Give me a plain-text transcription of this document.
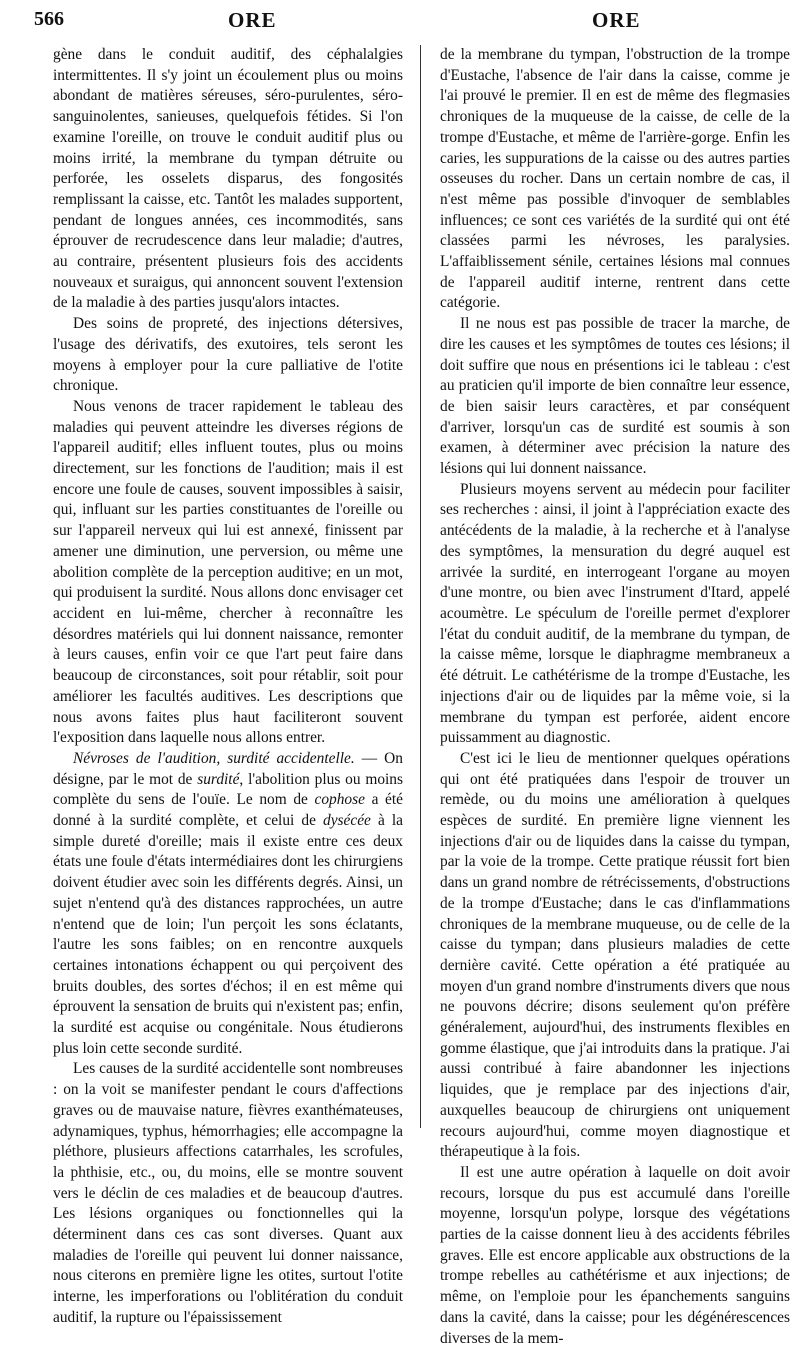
566	ORE	ORE

gène dans le conduit auditif, des céphalalgies intermittentes. Il s'y joint un écoulement plus ou moins abondant de matières séreuses, séro-purulentes, séro-sanguinolentes, sanieuses, quelquefois fétides. Si l'on examine l'oreille, on trouve le conduit auditif plus ou moins irrité, la membrane du tympan détruite ou perforée, les osselets disparus, des fongosités remplissant la caisse, etc. Tantôt les malades supportent, pendant de longues années, ces incommodités, sans éprouver de recrudescence dans leur maladie; d'autres, au contraire, présentent plusieurs fois des accidents nouveaux et suraigus, qui annoncent souvent l'extension de la maladie à des parties jusqu'alors intactes.

Des soins de propreté, des injections détersives, l'usage des dérivatifs, des exutoires, tels seront les moyens à employer pour la cure palliative de l'otite chronique.

Nous venons de tracer rapidement le tableau des maladies qui peuvent atteindre les diverses régions de l'appareil auditif; elles influent toutes, plus ou moins directement, sur les fonctions de l'audition; mais il est encore une foule de causes, souvent impossibles à saisir, qui, influant sur les parties constituantes de l'oreille ou sur l'appareil nerveux qui lui est annexé, finissent par amener une diminution, une perversion, ou même une abolition complète de la perception auditive; en un mot, qui produisent la surdité. Nous allons donc envisager cet accident en lui-même, chercher à reconnaître les désordres matériels qui lui donnent naissance, remonter à leurs causes, enfin voir ce que l'art peut faire dans beaucoup de circonstances, soit pour rétablir, soit pour améliorer les facultés auditives. Les descriptions que nous avons faites plus haut faciliteront souvent l'exposition dans laquelle nous allons entrer.

Névroses de l'audition, surdité accidentelle. — On désigne, par le mot de surdité, l'abolition plus ou moins complète du sens de l'ouïe. Le nom de cophose a été donné à la surdité complète, et celui de dysécée à la simple dureté d'oreille; mais il existe entre ces deux états une foule d'états intermédiaires dont les chirurgiens doivent étudier avec soin les différents degrés. Ainsi, un sujet n'entend qu'à des distances rapprochées, un autre n'entend que de loin; l'un perçoit les sons éclatants, l'autre les sons faibles; on en rencontre auxquels certaines intonations échappent ou qui perçoivent des bruits doubles, des sortes d'échos; il en est même qui éprouvent la sensation de bruits qui n'existent pas; enfin, la surdité est acquise ou congénitale. Nous étudierons plus loin cette seconde surdité.

Les causes de la surdité accidentelle sont nombreuses : on la voit se manifester pendant le cours d'affections graves ou de mauvaise nature, fièvres exanthémateuses, adynamiques, typhus, hémorrhagies; elle accompagne la pléthore, plusieurs affections catarrhales, les scrofules, la phthisie, etc., ou, du moins, elle se montre souvent vers le déclin de ces maladies et de beaucoup d'autres. Les lésions organiques ou fonctionnelles qui la déterminent dans ces cas sont diverses. Quant aux maladies de l'oreille qui peuvent lui donner naissance, nous citerons en première ligne les otites, surtout l'otite interne, les imperforations ou l'oblitération du conduit auditif, la rupture ou l'épaississement

de la membrane du tympan, l'obstruction de la trompe d'Eustache, l'absence de l'air dans la caisse, comme je l'ai prouvé le premier. Il en est de même des flegmasies chroniques de la muqueuse de la caisse, de celle de la trompe d'Eustache, et même de l'arrière-gorge. Enfin les caries, les suppurations de la caisse ou des autres parties osseuses du rocher. Dans un certain nombre de cas, il n'est même pas possible d'invoquer de semblables influences; ce sont ces variétés de la surdité qui ont été classées parmi les névroses, les paralysies. L'affaiblissement sénile, certaines lésions mal connues de l'appareil auditif interne, rentrent dans cette catégorie.

Il ne nous est pas possible de tracer la marche, de dire les causes et les symptômes de toutes ces lésions; il doit suffire que nous en présentions ici le tableau : c'est au praticien qu'il importe de bien connaître leur essence, de bien saisir leurs caractères, et par conséquent d'arriver, lorsqu'un cas de surdité est soumis à son examen, à déterminer avec précision la nature des lésions qui lui donnent naissance.

Plusieurs moyens servent au médecin pour faciliter ses recherches : ainsi, il joint à l'appréciation exacte des antécédents de la maladie, à la recherche et à l'analyse des symptômes, la mensuration du degré auquel est arrivée la surdité, en interrogeant l'organe au moyen d'une montre, ou bien avec l'instrument d'Itard, appelé acoumètre. Le spéculum de l'oreille permet d'explorer l'état du conduit auditif, de la membrane du tympan, de la caisse même, lorsque le diaphragme membraneux a été détruit. Le cathétérisme de la trompe d'Eustache, les injections d'air ou de liquides par la même voie, si la membrane du tympan est perforée, aident encore puissamment au diagnostic.

C'est ici le lieu de mentionner quelques opérations qui ont été pratiquées dans l'espoir de trouver un remède, ou du moins une amélioration à quelques espèces de surdité. En première ligne viennent les injections d'air ou de liquides dans la caisse du tympan, par la voie de la trompe. Cette pratique réussit fort bien dans un grand nombre de rétrécissements, d'obstructions de la trompe d'Eustache; dans le cas d'inflammations chroniques de la membrane muqueuse, ou de celle de la caisse du tympan; dans plusieurs maladies de cette dernière cavité. Cette opération a été pratiquée au moyen d'un grand nombre d'instruments divers que nous ne pouvons décrire; disons seulement qu'on préfère généralement, aujourd'hui, des instruments flexibles en gomme élastique, que j'ai introduits dans la pratique. J'ai aussi contribué à faire abandonner les injections liquides, que je remplace par des injections d'air, auxquelles beaucoup de chirurgiens ont uniquement recours aujourd'hui, comme moyen diagnostique et thérapeutique à la fois.

Il est une autre opération à laquelle on doit avoir recours, lorsque du pus est accumulé dans l'oreille moyenne, lorsqu'un polype, lorsque des végétations parties de la caisse donnent lieu à des accidents fébriles graves. Elle est encore applicable aux obstructions de la trompe rebelles au cathétérisme et aux injections; de même, on l'emploie pour les épanchements sanguins dans la cavité, dans la caisse; pour les dégénérescences diverses de la mem-
